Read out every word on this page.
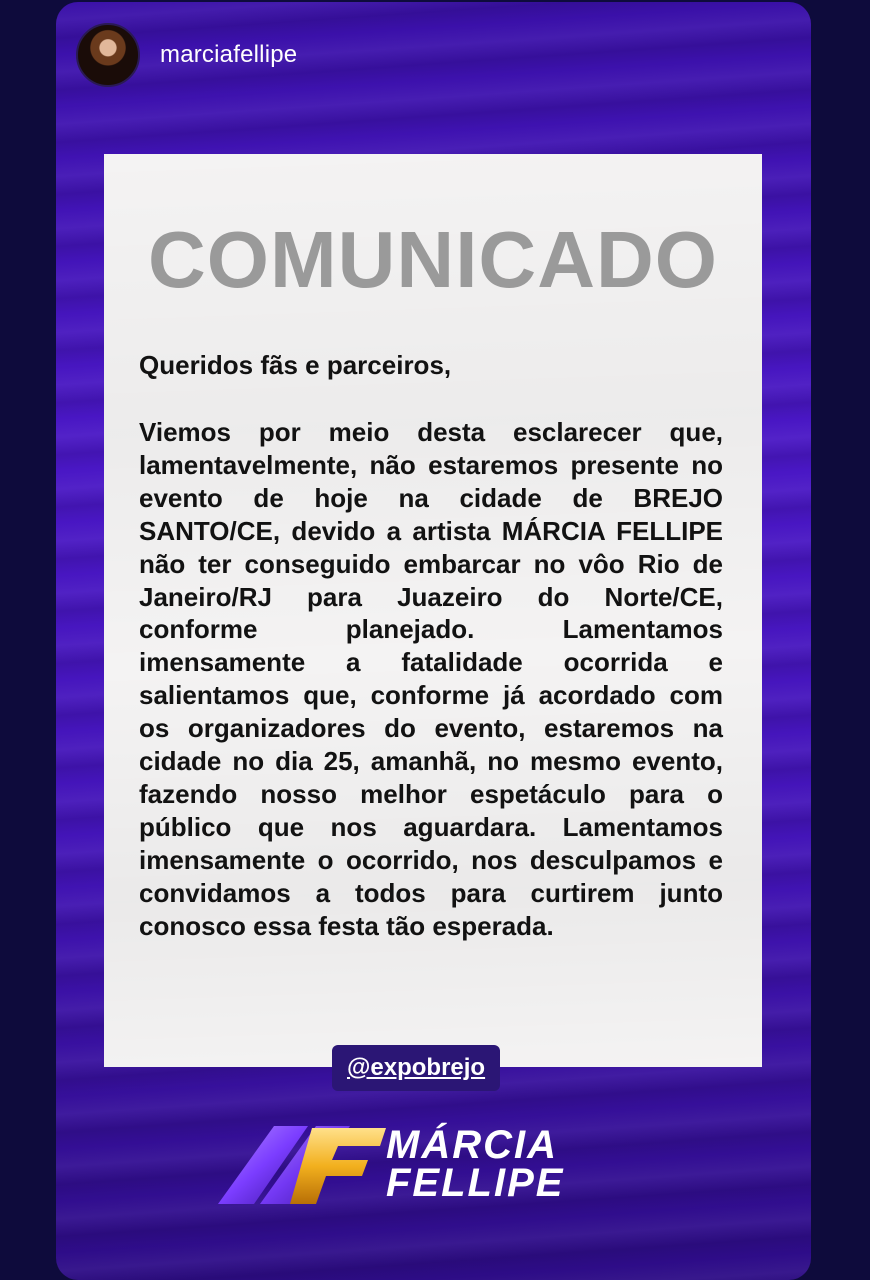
marciafellipe
COMUNICADO
Queridos fãs e parceiros,
Viemos por meio desta esclarecer que, lamentavelmente, não estaremos presente no evento de hoje na cidade de BREJO SANTO/CE, devido a artista MÁRCIA FELLIPE não ter conseguido embarcar no vôo Rio de Janeiro/RJ para Juazeiro do Norte/CE, conforme planejado. Lamentamos imensamente a fatalidade ocorrida e salientamos que, conforme já acordado com os organizadores do evento, estaremos na cidade no dia 25, amanhã, no mesmo evento, fazendo nosso melhor espetáculo para o público que nos aguardara. Lamentamos imensamente o ocorrido, nos desculpamos e convidamos a todos para curtirem junto conosco essa festa tão esperada.
@expobrejo
MÁRCIA
FELLIPE
